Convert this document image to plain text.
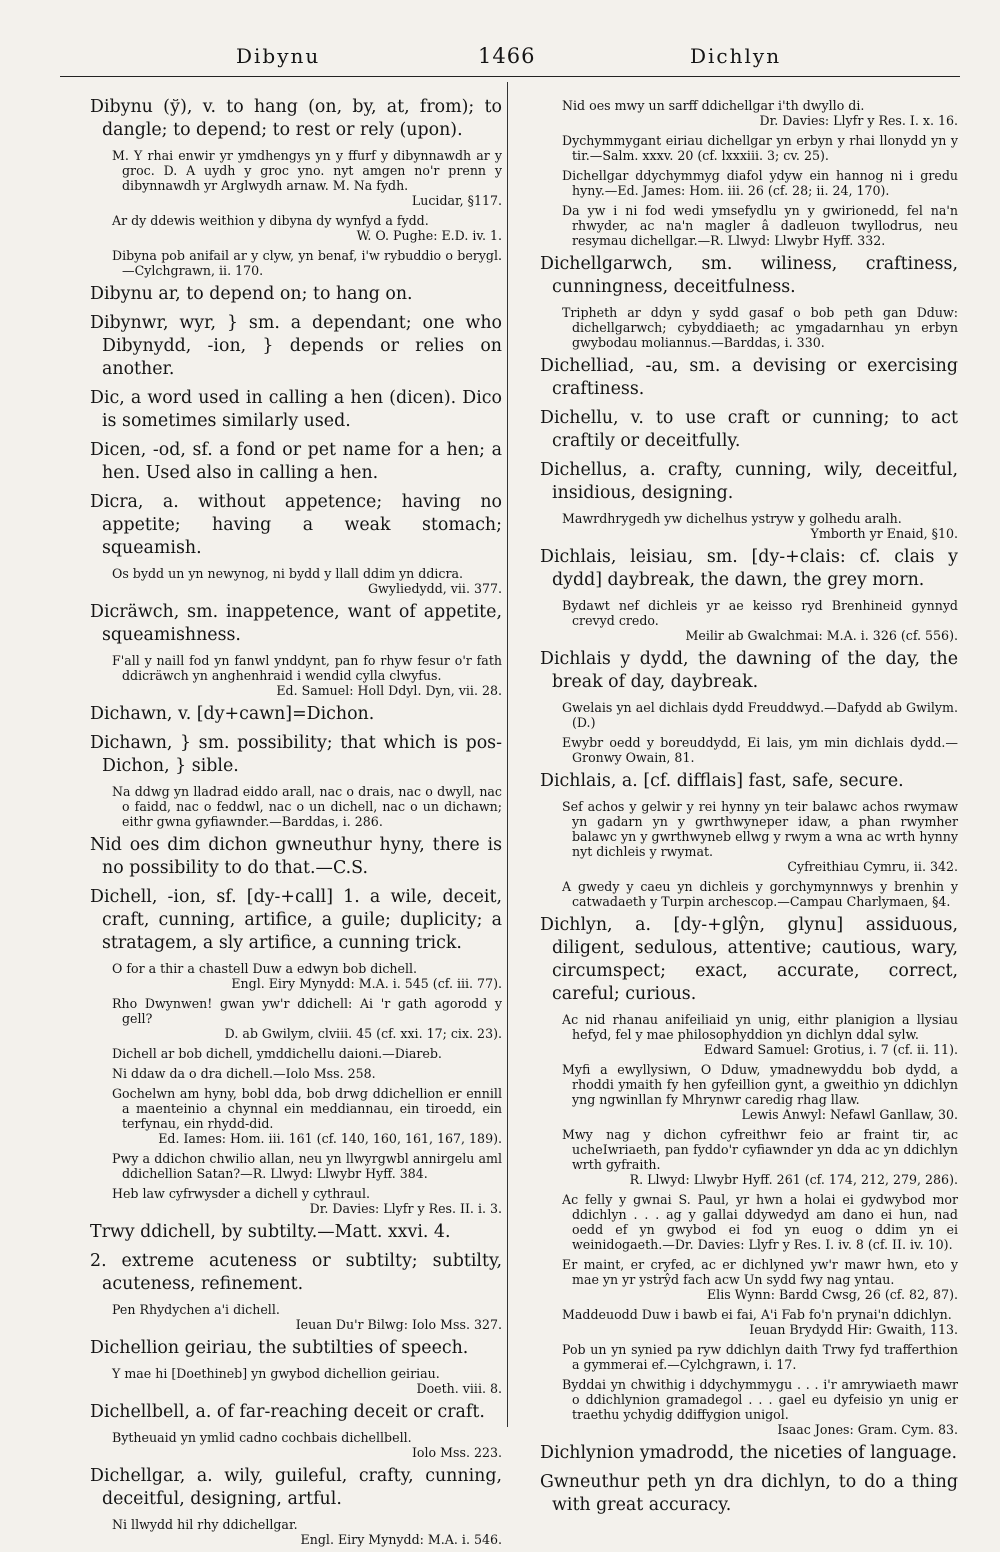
Dibynu	1466	Dichlyn
Dibynu (ў), v. to hang (on, by, at, from); to dangle; to depend; to rest or rely (upon).
M. Y rhai enwir yr ymdhengys yn y ffurf y dibynnawdh ar y groc. D. A uydh y groc yno. nyt amgen no'r prenn y dibynnawdh yr Arglwydh arnaw. M. Na fydh.
Lucidar, §117.
Ar dy ddewis weithion y dibyna dy wynfyd a fydd.
W. O. Pughe: E.D. iv. 1.
Dibyna pob anifail ar y clyw, yn benaf, i'w rybuddio o berygl.—Cylchgrawn, ii. 170.
Dibynu ar, to depend on; to hang on.
Dibynwr, wyr, } sm. a dependant; one who Dibynydd, -ion, } depends or relies on another.
Dic, a word used in calling a hen (dicen). Dico is sometimes similarly used.
Dicen, -od, sf. a fond or pet name for a hen; a hen. Used also in calling a hen.
Dicra, a. without appetence; having no appetite; having a weak stomach; squeamish.
Os bydd un yn newynog, ni bydd y llall ddim yn ddicra.
Gwyliedydd, vii. 377.
Dicräwch, sm. inappetence, want of appetite, squeamishness.
F'all y naill fod yn fanwl ynddynt, pan fo rhyw fesur o'r fath ddicräwch yn anghenhraid i wendid cylla clwyfus.
Ed. Samuel: Holl Ddyl. Dyn, vii. 28.
Dichawn, v. [dy+cawn]=Dichon.
Dichawn, } sm. possibility; that which is pos- Dichon, } sible.
Na ddwg yn lladrad eiddo arall, nac o drais, nac o dwyll, nac o faidd, nac o feddwl, nac o un dichell, nac o un dichawn; eithr gwna gyfiawnder.—Barddas, i. 286.
Nid oes dim dichon gwneuthur hyny, there is no possibility to do that.—C.S.
Dichell, -ion, sf. [dy-+call] 1. a wile, deceit, craft, cunning, artifice, a guile; duplicity; a stratagem, a sly artifice, a cunning trick.
O for a thir a chastell Duw a edwyn bob dichell.
Engl. Eiry Mynydd: M.A. i. 545 (cf. iii. 77).
Rho Dwynwen! gwan yw'r ddichell: Ai 'r gath agorodd y gell?
D. ab Gwilym, clviii. 45 (cf. xxi. 17; cix. 23).
Dichell ar bob dichell, ymddichellu daioni.—Diareb.
Ni ddaw da o dra dichell.—Iolo Mss. 258.
Gochelwn am hyny, bobl dda, bob drwg ddichellion er ennill a maenteinio a chynnal ein meddiannau, ein tiroedd, ein terfynau, ein rhydd-did.
Ed. Iames: Hom. iii. 161 (cf. 140, 160, 161, 167, 189).
Pwy a ddichon chwilio allan, neu yn llwyrgwbl annirgelu aml ddichellion Satan?—R. Llwyd: Llwybr Hyff. 384.
Heb law cyfrwysder a dichell y cythraul.
Dr. Davies: Llyfr y Res. II. i. 3.
Trwy ddichell, by subtilty.—Matt. xxvi. 4.
2. extreme acuteness or subtilty; subtilty, acuteness, refinement.
Pen Rhydychen a'i dichell.
Ieuan Du'r Bilwg: Iolo Mss. 327.
Dichellion geiriau, the subtilties of speech.
Y mae hi [Doethineb] yn gwybod dichellion geiriau.
Doeth. viii. 8.
Dichellbell, a. of far-reaching deceit or craft.
Bytheuaid yn ymlid cadno cochbais dichellbell.
Iolo Mss. 223.
Dichellgar, a. wily, guileful, crafty, cunning, deceitful, designing, artful.
Ni llwydd hil rhy ddichellgar.
Engl. Eiry Mynydd: M.A. i. 546.
Nid oes mwy un sarff ddichellgar i'th dwyllo di.
Dr. Davies: Llyfr y Res. I. x. 16.
Dychymmygant eiriau dichellgar yn erbyn y rhai llonydd yn y tir.—Salm. xxxv. 20 (cf. lxxxiii. 3; cv. 25).
Dichellgar ddychymmyg diafol ydyw ein hannog ni i gredu hyny.—Ed. James: Hom. iii. 26 (cf. 28; ii. 24, 170).
Da yw i ni fod wedi ymsefydlu yn y gwirionedd, fel na'n rhwyder, ac na'n magler â dadleuon twyllodrus, neu resymau dichellgar.—R. Llwyd: Llwybr Hyff. 332.
Dichellgarwch, sm. wiliness, craftiness, cunningness, deceitfulness.
Tripheth ar ddyn y sydd gasaf o bob peth gan Dduw: dichellgarwch; cybyddiaeth; ac ymgadarnhau yn erbyn gwybodau moliannus.—Barddas, i. 330.
Dichelliad, -au, sm. a devising or exercising craftiness.
Dichellu, v. to use craft or cunning; to act craftily or deceitfully.
Dichellus, a. crafty, cunning, wily, deceitful, insidious, designing.
Mawrdhrygedh yw dichelhus ystryw y golhedu aralh.
Ymborth yr Enaid, §10.
Dichlais, leisiau, sm. [dy-+clais: cf. clais y dydd] daybreak, the dawn, the grey morn.
Bydawt nef dichleis yr ae keisso ryd Brenhineid gynnyd crevyd credo.
Meilir ab Gwalchmai: M.A. i. 326 (cf. 556).
Dichlais y dydd, the dawning of the day, the break of day, daybreak.
Gwelais yn ael dichlais dydd Freuddwyd.—Dafydd ab Gwilym. (D.)
Ewybr oedd y boreuddydd, Ei lais, ym min dichlais dydd.—Gronwy Owain, 81.
Dichlais, a. [cf. difflais] fast, safe, secure.
Sef achos y gelwir y rei hynny yn teir balawc achos rwymaw yn gadarn yn y gwrthwyneper idaw, a phan rwymher balawc yn y gwrthwyneb ellwg y rwym a wna ac wrth hynny nyt dichleis y rwymat.
Cyfreithiau Cymru, ii. 342.
A gwedy y caeu yn dichleis y gorchymynnwys y brenhin y catwadaeth y Turpin archescop.—Campau Charlymaen, §4.
Dichlyn, a. [dy-+glŷn, glynu] assiduous, diligent, sedulous, attentive; cautious, wary, circumspect; exact, accurate, correct, careful; curious.
Ac nid rhanau anifeiliaid yn unig, eithr planigion a llysiau hefyd, fel y mae philosophyddion yn dichlyn ddal sylw.
Edward Samuel: Grotius, i. 7 (cf. ii. 11).
Myfi a ewyllysiwn, O Dduw, ymadnewyddu bob dydd, a rhoddi ymaith fy hen gyfeillion gynt, a gweithio yn ddichlyn yng ngwinllan fy Mhrynwr caredig rhag llaw.
Lewis Anwyl: Nefawl Ganllaw, 30.
Mwy nag y dichon cyfreithwr feio ar fraint tir, ac ucheIwriaeth, pan fyddo'r cyfiawnder yn dda ac yn ddichlyn wrth gyfraith.
R. Llwyd: Llwybr Hyff. 261 (cf. 174, 212, 279, 286).
Ac felly y gwnai S. Paul, yr hwn a holai ei gydwybod mor ddichlyn . . . ag y gallai ddywedyd am dano ei hun, nad oedd ef yn gwybod ei fod yn euog o ddim yn ei weinidogaeth.—Dr. Davies: Llyfr y Res. I. iv. 8 (cf. II. iv. 10).
Er maint, er cryfed, ac er dichlyned yw'r mawr hwn, eto y mae yn yr ystrŷd fach acw Un sydd fwy nag yntau.
Elis Wynn: Bardd Cwsg, 26 (cf. 82, 87).
Maddeuodd Duw i bawb ei fai, A'i Fab fo'n prynai'n ddichlyn.
Ieuan Brydydd Hir: Gwaith, 113.
Pob un yn synied pa ryw ddichlyn daith Trwy fyd trafferthion a gymmerai ef.—Cylchgrawn, i. 17.
Byddai yn chwithig i ddychymmygu . . . i'r amrywiaeth mawr o ddichlynion gramadegol . . . gael eu dyfeisio yn unig er traethu ychydig ddiffygion unigol.
Isaac Jones: Gram. Cym. 83.
Dichlynion ymadrodd, the niceties of language.
Gwneuthur peth yn dra dichlyn, to do a thing with great accuracy.
